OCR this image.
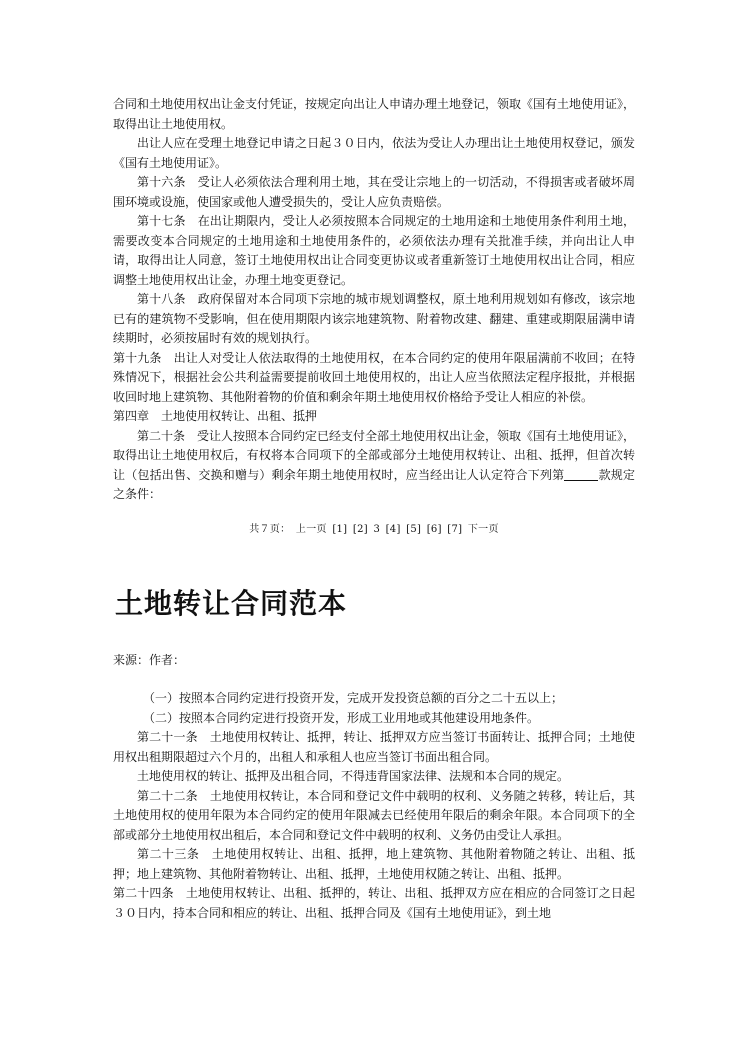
合同和土地使用权出让金支付凭证，按规定向出让人申请办理土地登记，领取《国有土地使用证》，取得出让土地使用权。

出让人应在受理土地登记申请之日起３０日内，依法为受让人办理出让土地使用权登记，颁发《国有土地使用证》。

第十六条　受让人必须依法合理利用土地，其在受让宗地上的一切活动，不得损害或者破坏周围环境或设施，使国家或他人遭受损失的，受让人应负责赔偿。

第十七条　在出让期限内，受让人必须按照本合同规定的土地用途和土地使用条件利用土地，需要改变本合同规定的土地用途和土地使用条件的，必须依法办理有关批准手续，并向出让人申请，取得出让人同意，签订土地使用权出让合同变更协议或者重新签订土地使用权出让合同，相应调整土地使用权出让金，办理土地变更登记。

第十八条　政府保留对本合同项下宗地的城市规划调整权，原土地利用规划如有修改，该宗地已有的建筑物不受影响，但在使用期限内该宗地建筑物、附着物改建、翻建、重建或期限届满申请续期时，必须按届时有效的规划执行。

第十九条　出让人对受让人依法取得的土地使用权，在本合同约定的使用年限届满前不收回；在特殊情况下，根据社会公共利益需要提前收回土地使用权的，出让人应当依照法定程序报批，并根据收回时地上建筑物、其他附着物的价值和剩余年期土地使用权价格给予受让人相应的补偿。

第四章　土地使用权转让、出租、抵押

第二十条　受让人按照本合同约定已经支付全部土地使用权出让金，领取《国有土地使用证》，取得出让土地使用权后，有权将本合同项下的全部或部分土地使用权转让、出租、抵押，但首次转让（包括出售、交换和赠与）剩余年期土地使用权时，应当经出让人认定符合下列第	款规定之条件：

共７页： 上一页 [1] [2] 3 [4] [5] [6] [7] 下一页
土地转让合同范本

来源：作者：

（一）按照本合同约定进行投资开发，完成开发投资总额的百分之二十五以上；

（二）按照本合同约定进行投资开发，形成工业用地或其他建设用地条件。

第二十一条　土地使用权转让、抵押，转让、抵押双方应当签订书面转让、抵押合同；土地使用权出租期限超过六个月的，出租人和承租人也应当签订书面出租合同。

土地使用权的转让、抵押及出租合同，不得违背国家法律、法规和本合同的规定。

第二十二条　土地使用权转让，本合同和登记文件中载明的权利、义务随之转移，转让后，其土地使用权的使用年限为本合同约定的使用年限减去已经使用年限后的剩余年限。本合同项下的全部或部分土地使用权出租后，本合同和登记文件中载明的权利、义务仍由受让人承担。

第二十三条　土地使用权转让、出租、抵押，地上建筑物、其他附着物随之转让、出租、抵押；地上建筑物、其他附着物转让、出租、抵押，土地使用权随之转让、出租、抵押。

第二十四条　土地使用权转让、出租、抵押的，转让、出租、抵押双方应在相应的合同签订之日起３０日内，持本合同和相应的转让、出租、抵押合同及《国有土地使用证》，到土地
